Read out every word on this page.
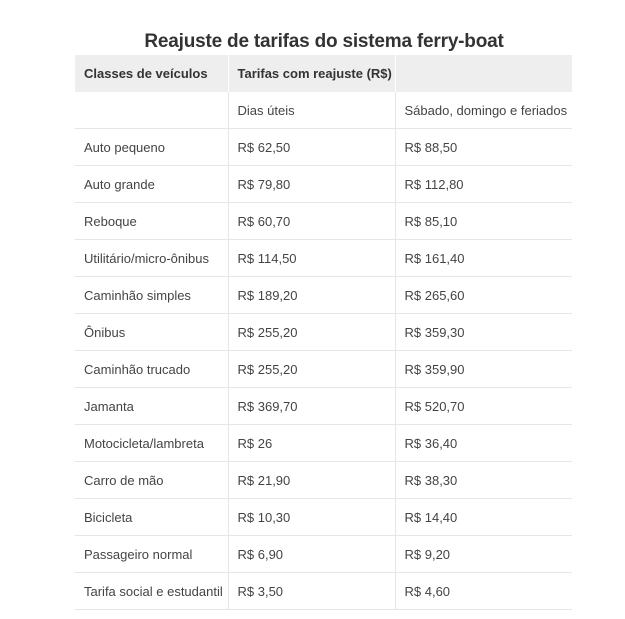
Reajuste de tarifas do sistema ferry-boat
Classes de veículos	Tarifas com reajuste (R$)	
	Dias úteis	Sábado, domingo e feriados
Auto pequeno	R$ 62,50	R$ 88,50
Auto grande	R$ 79,80	R$ 112,80
Reboque	R$ 60,70	R$ 85,10
Utilitário/micro-ônibus	R$ 114,50	R$ 161,40
Caminhão simples	R$ 189,20	R$ 265,60
Ônibus	R$ 255,20	R$ 359,30
Caminhão trucado	R$ 255,20	R$ 359,90
Jamanta	R$ 369,70	R$ 520,70
Motocicleta/lambreta	R$ 26	R$ 36,40
Carro de mão	R$ 21,90	R$ 38,30
Bicicleta	R$ 10,30	R$ 14,40
Passageiro normal	R$ 6,90	R$ 9,20
Tarifa social e estudantil	R$ 3,50	R$ 4,60
